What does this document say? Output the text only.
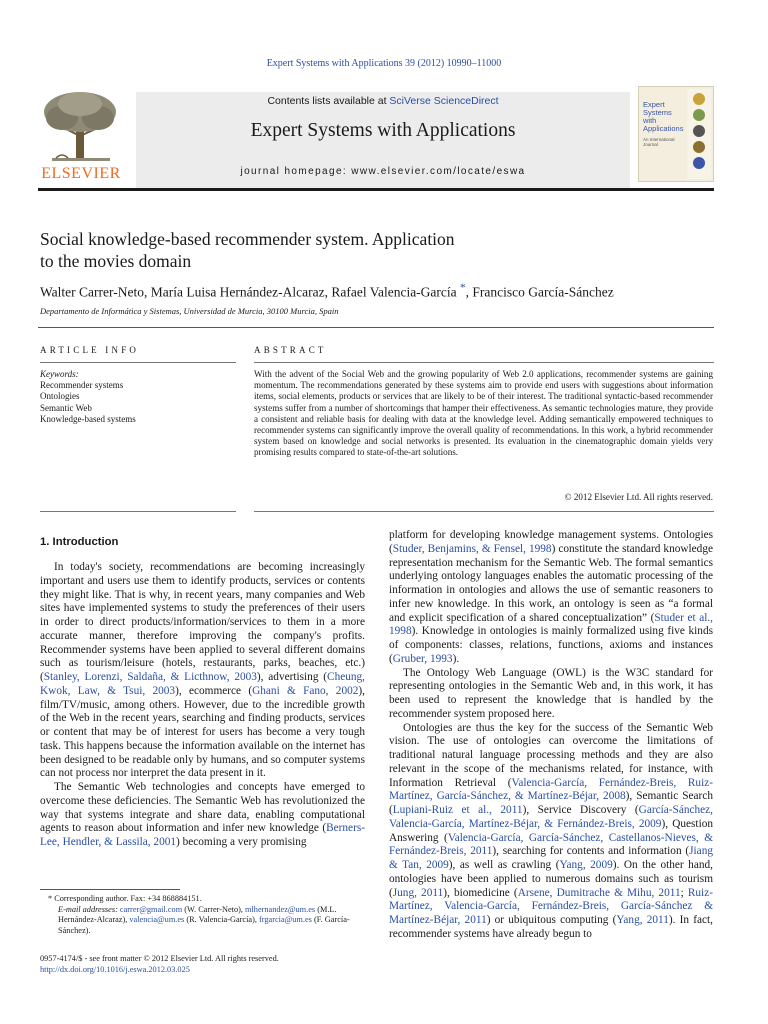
Expert Systems with Applications 39 (2012) 10990–11000
ELSEVIER
Contents lists available at SciVerse ScienceDirect
Expert Systems with Applications
journal homepage: www.elsevier.com/locate/eswa
Expert Systems with Applications
An International Journal
Social knowledge-based recommender system. Application
to the movies domain
Walter Carrer-Neto, María Luisa Hernández-Alcaraz, Rafael Valencia-García *, Francisco García-Sánchez
Departamento de Informática y Sistemas, Universidad de Murcia, 30100 Murcia, Spain
ARTICLE INFO	ABSTRACT
Keywords:
Recommender systems
Ontologies
Semantic Web
Knowledge-based systems
With the advent of the Social Web and the growing popularity of Web 2.0 applications, recommender systems are gaining momentum. The recommendations generated by these systems aim to provide end users with suggestions about information items, social elements, products or services that are likely to be of their interest. The traditional syntactic-based recommender systems suffer from a number of shortcomings that hamper their effectiveness. As semantic technologies mature, they provide a consistent and reliable basis for dealing with data at the knowledge level. Adding semantically empowered techniques to recommender systems can significantly improve the overall quality of recommendations. In this work, a hybrid recommender system based on knowledge and social networks is presented. Its evaluation in the cinematographic domain yields very promising results compared to state-of-the-art solutions.
© 2012 Elsevier Ltd. All rights reserved.
1. Introduction

In today's society, recommendations are becoming increasingly important and users use them to identify products, services or contents they might like. That is why, in recent years, many companies and Web sites have implemented systems to study the preferences of their users in order to direct products/information/services to them in a more accurate manner, therefore improving the company's profits. Recommender systems have been applied to several different domains such as tourism/leisure (hotels, restaurants, parks, beaches, etc.) (Stanley, Lorenzi, Saldaña, & Licthnow, 2003), advertising (Cheung, Kwok, Law, & Tsui, 2003), ecommerce (Ghani & Fano, 2002), film/TV/music, among others. However, due to the incredible growth of the Web in the recent years, searching and finding products, services or content that may be of interest for users has become a very tough task. This happens because the information available on the internet has been designed to be readable only by humans, and so computer systems can not process nor interpret the data present in it.

The Semantic Web technologies and concepts have emerged to overcome these deficiencies. The Semantic Web has revolutionized the way that systems integrate and share data, enabling computational agents to reason about information and infer new knowledge (Berners-Lee, Hendler, & Lassila, 2001) becoming a very promising

platform for developing knowledge management systems. Ontologies (Studer, Benjamins, & Fensel, 1998) constitute the standard knowledge representation mechanism for the Semantic Web. The formal semantics underlying ontology languages enables the automatic processing of the information in ontologies and allows the use of semantic reasoners to infer new knowledge. In this work, an ontology is seen as “a formal and explicit specification of a shared conceptualization” (Studer et al., 1998). Knowledge in ontologies is mainly formalized using five kinds of components: classes, relations, functions, axioms and instances (Gruber, 1993).

The Ontology Web Language (OWL) is the W3C standard for representing ontologies in the Semantic Web and, in this work, it has been used to represent the knowledge that is handled by the recommender system proposed here.

Ontologies are thus the key for the success of the Semantic Web vision. The use of ontologies can overcome the limitations of traditional natural language processing methods and they are also relevant in the scope of the mechanisms related, for instance, with Information Retrieval (Valencia-García, Fernández-Breis, Ruiz-Martínez, García-Sánchez, & Martínez-Béjar, 2008), Semantic Search (Lupiani-Ruiz et al., 2011), Service Discovery (García-Sánchez, Valencia-García, Martínez-Béjar, & Fernández-Breis, 2009), Question Answering (Valencia-García, García-Sánchez, Castellanos-Nieves, & Fernández-Breis, 2011), searching for contents and information (Jiang & Tan, 2009), as well as crawling (Yang, 2009). On the other hand, ontologies have been applied to numerous domains such as tourism (Jung, 2011), biomedicine (Arsene, Dumitrache & Mihu, 2011; Ruiz-Martínez, Valencia-García, Fernández-Breis, García-Sánchez & Martínez-Béjar, 2011) or ubiquitous computing (Yang, 2011). In fact, recommender systems have already begun to

* Corresponding author. Fax: +34 868884151.
E-mail addresses: carrer@gmail.com (W. Carrer-Neto), mlhernandez@um.es (M.L. Hernández-Alcaraz), valencia@um.es (R. Valencia-García), frgarcia@um.es (F. García-Sánchez).
0957-4174/$ - see front matter © 2012 Elsevier Ltd. All rights reserved.
http://dx.doi.org/10.1016/j.eswa.2012.03.025
